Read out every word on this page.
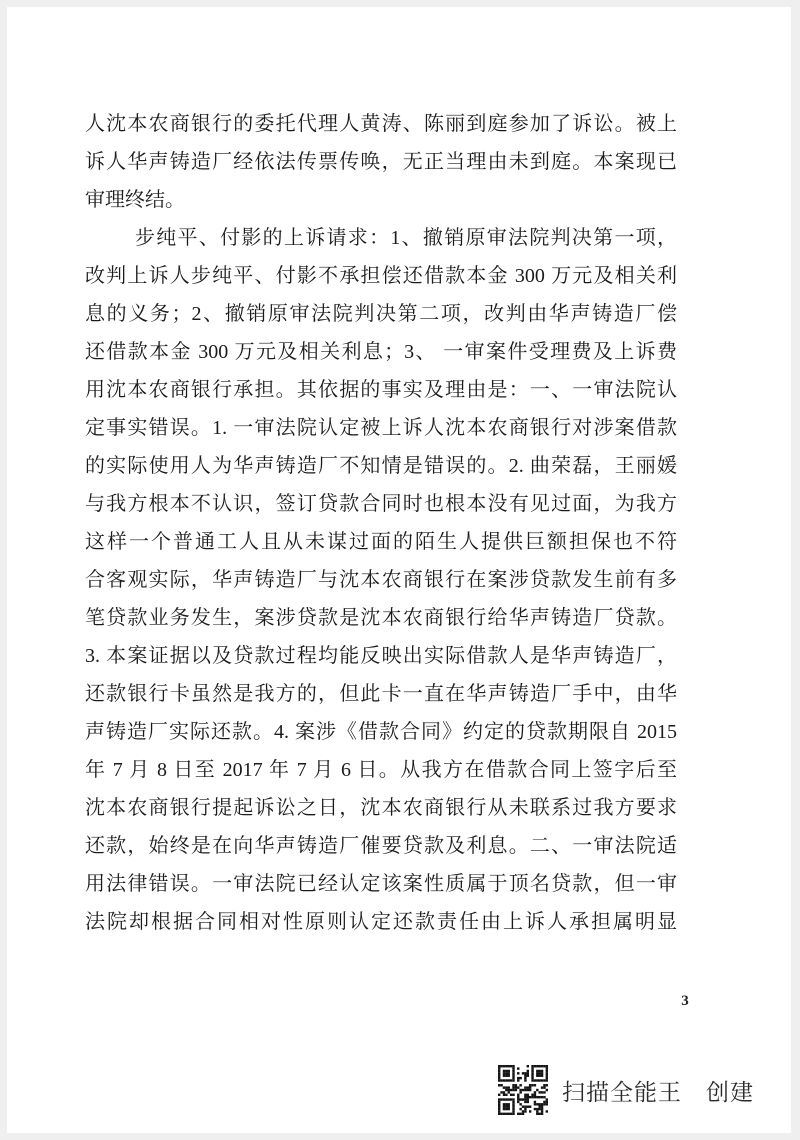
人沈本农商银行的委托代理人黄涛、陈丽到庭参加了诉讼。被上
诉人华声铸造厂经依法传票传唤，无正当理由未到庭。本案现已
审理终结。
步纯平、付影的上诉请求：1、撤销原审法院判决第一项，
改判上诉人步纯平、付影不承担偿还借款本金 300 万元及相关利
息的义务；2、撤销原审法院判决第二项，改判由华声铸造厂偿
还借款本金 300 万元及相关利息；3、 一审案件受理费及上诉费
用沈本农商银行承担。其依据的事实及理由是：一、一审法院认
定事实错误。1. 一审法院认定被上诉人沈本农商银行对涉案借款
的实际使用人为华声铸造厂不知情是错误的。2. 曲荣磊，王丽媛
与我方根本不认识，签订贷款合同时也根本没有见过面，为我方
这样一个普通工人且从未谋过面的陌生人提供巨额担保也不符
合客观实际，华声铸造厂与沈本农商银行在案涉贷款发生前有多
笔贷款业务发生，案涉贷款是沈本农商银行给华声铸造厂贷款。
3. 本案证据以及贷款过程均能反映出实际借款人是华声铸造厂，
还款银行卡虽然是我方的，但此卡一直在华声铸造厂手中，由华
声铸造厂实际还款。4. 案涉《借款合同》约定的贷款期限自 2015
年 7 月 8 日至 2017 年 7 月 6 日。从我方在借款合同上签字后至
沈本农商银行提起诉讼之日，沈本农商银行从未联系过我方要求
还款，始终是在向华声铸造厂催要贷款及利息。二、一审法院适
用法律错误。一审法院已经认定该案性质属于顶名贷款，但一审
法院却根据合同相对性原则认定还款责任由上诉人承担属明显
3
扫描全能王　创建
